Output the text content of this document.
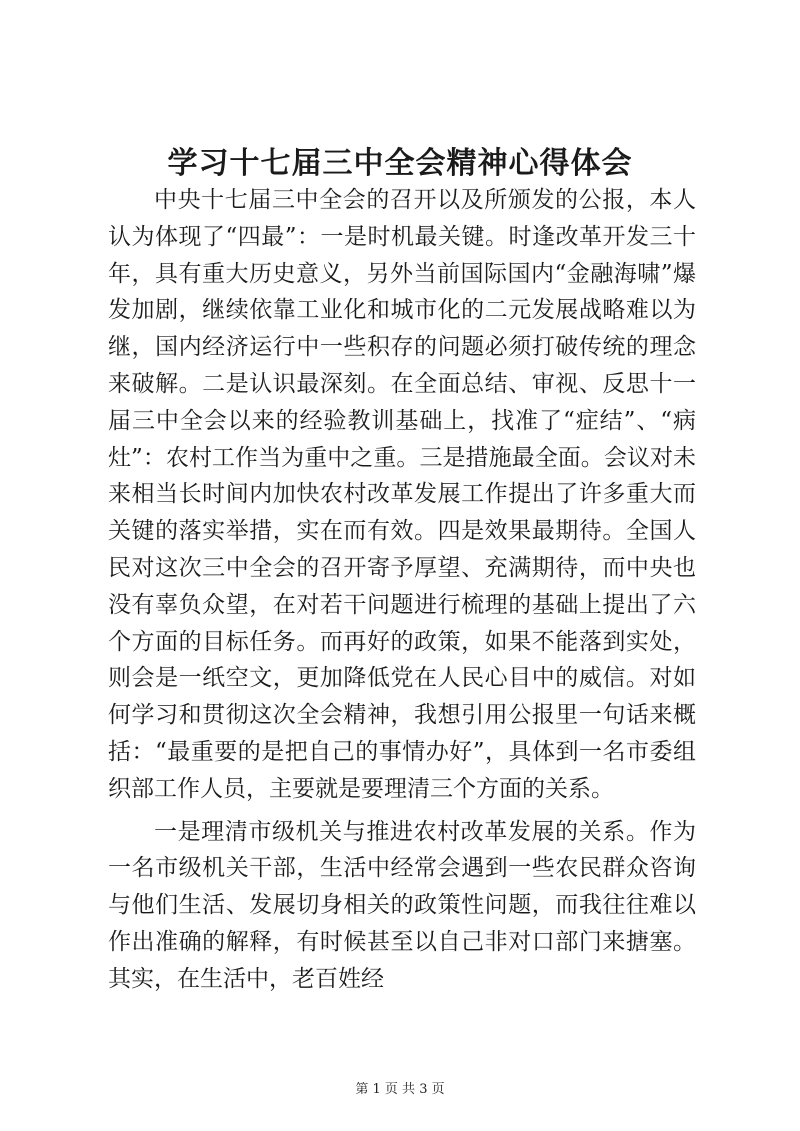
学习十七届三中全会精神心得体会

中央十七届三中全会的召开以及所颁发的公报，本人认为体现了“四最”：一是时机最关键。时逢改革开发三十年，具有重大历史意义，另外当前国际国内“金融海啸”爆发加剧，继续依靠工业化和城市化的二元发展战略难以为继，国内经济运行中一些积存的问题必须打破传统的理念来破解。二是认识最深刻。在全面总结、审视、反思十一届三中全会以来的经验教训基础上，找准了“症结”、“病灶”：农村工作当为重中之重。三是措施最全面。会议对未来相当长时间内加快农村改革发展工作提出了许多重大而关键的落实举措，实在而有效。四是效果最期待。全国人民对这次三中全会的召开寄予厚望、充满期待，而中央也没有辜负众望，在对若干问题进行梳理的基础上提出了六个方面的目标任务。而再好的政策，如果不能落到实处，则会是一纸空文，更加降低党在人民心目中的威信。对如何学习和贯彻这次全会精神，我想引用公报里一句话来概括：“最重要的是把自己的事情办好”，具体到一名市委组织部工作人员，主要就是要理清三个方面的关系。

一是理清市级机关与推进农村改革发展的关系。作为一名市级机关干部，生活中经常会遇到一些农民群众咨询与他们生活、发展切身相关的政策性问题，而我往往难以作出准确的解释，有时候甚至以自己非对口部门来搪塞。其实，在生活中，老百姓经

第 1 页 共 3 页
